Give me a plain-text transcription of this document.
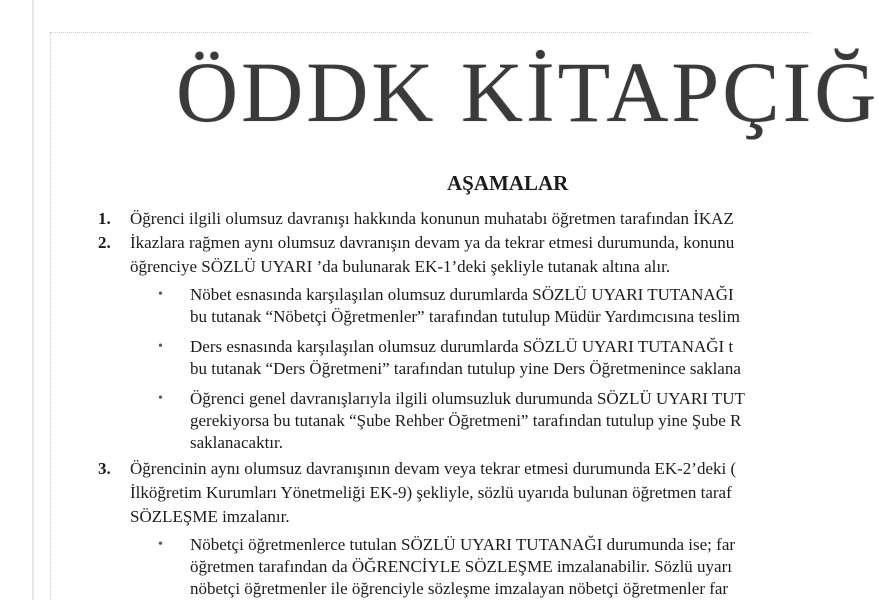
ÖDDK KİTAPÇIĞ
AŞAMALAR
1. Öğrenci ilgili olumsuz davranışı hakkında konunun muhatabı öğretmen tarafından İKAZ
2. İkazlara rağmen aynı olumsuz davranışın devam ya da tekrar etmesi durumunda, konunu
öğrenciye SÖZLÜ UYARI ’da bulunarak EK-1’deki şekliyle tutanak altına alır.
• Nöbet esnasında karşılaşılan olumsuz durumlarda SÖZLÜ UYARI TUTANAĞI
bu tutanak “Nöbetçi Öğretmenler” tarafından tutulup Müdür Yardımcısına teslim
• Ders esnasında karşılaşılan olumsuz durumlarda SÖZLÜ UYARI TUTANAĞI t
bu tutanak “Ders Öğretmeni” tarafından tutulup yine Ders Öğretmenince saklana
• Öğrenci genel davranışlarıyla ilgili olumsuzluk durumunda SÖZLÜ UYARI TUT
gerekiyorsa bu tutanak “Şube Rehber Öğretmeni” tarafından tutulup yine Şube R
saklanacaktır.
3. Öğrencinin aynı olumsuz davranışının devam veya tekrar etmesi durumunda EK-2’deki (
İlköğretim Kurumları Yönetmeliği EK-9) şekliyle, sözlü uyarıda bulunan öğretmen taraf
SÖZLEŞME imzalanır.
• Nöbetçi öğretmenlerce tutulan SÖZLÜ UYARI TUTANAĞI durumunda ise; far
öğretmen tarafından da ÖĞRENCİYLE SÖZLEŞME imzalanabilir. Sözlü uyarı
nöbetçi öğretmenler ile öğrenciyle sözleşme imzalayan nöbetçi öğretmenler far
